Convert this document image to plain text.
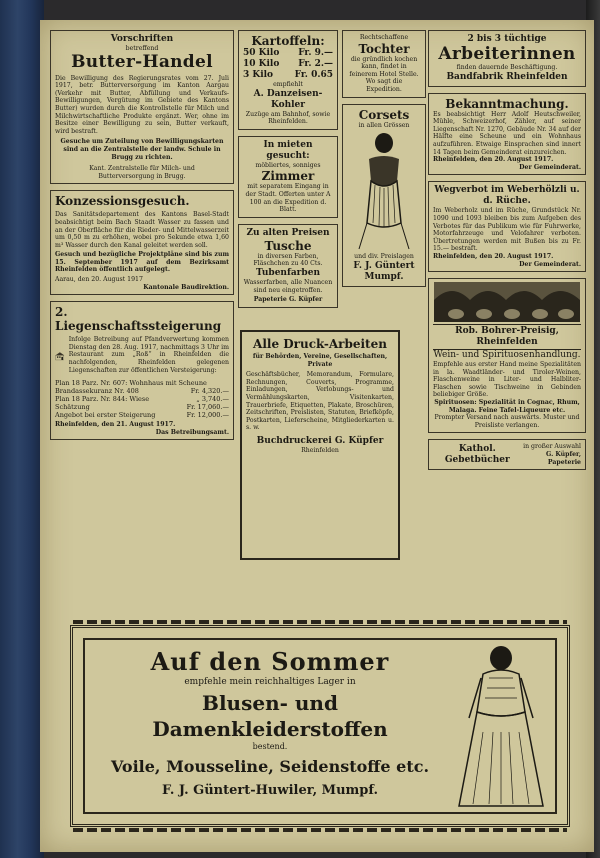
Vorschriften
betreffend
Butter-Handel
Die Bewilligung des Regierungsrates vom 27. Juli 1917, betr. Butterversorgung im Kanton Aargau (Verkehr mit Butter, Abfüllung und Verkaufs-Bewilligungen, Vergütung im Gebiete des Kantons Butter) wurden durch die Kontrollstelle für Milch und Milchwirtschaftliche Produkte ergänzt. Wer, ohne im Besitze einer Bewilligung zu sein, Butter verkauft, wird bestraft.
Gesuche um Zuteilung von Bewilligungskarten sind an die Zentralstelle der landw. Schule in Brugg zu richten.
Kant. Zentralstelle für Milch- und
Butterversorgung in Brugg.
Konzessionsgesuch.
Das Sanitätsdepartement des Kantons Basel-Stadt beabsichtigt beim Bach Staadt Wasser zu fassen und an der Oberfläche für die Rieder- und Mittelwasserzeit um 0,50 m zu erhöhen, wobei pro Sekunde etwa 1,60 m³ Wasser durch den Kanal geleitet werden soll.
Gesuch und bezügliche Projektpläne sind bis zum 15. September 1917 auf dem Bezirksamt Rheinfelden öffentlich aufgelegt.
Aarau, den 20. August 1917
Kantonale Baudirektion.
2. Liegenschaftssteigerung
Infolge Betreibung auf Pfandverwertung kommen Dienstag den 28. Aug. 1917, nachmittags 3 Uhr im Restaurant zum „Roß“ in Rheinfelden die nachfolgenden, Rheinfelden gelegenen Liegenschaften zur öffentlichen Versteigerung:
Plan 18 Parz. Nr. 607: Wohnhaus mit Scheune
Brandassekuranz Nr. 408	Fr. 4,320.—
Plan 18 Parz. Nr. 844: Wiese	„ 3,740.—
Schätzung	Fr. 17,060.—
Angebot bei erster Steigerung	Fr. 12,000.—
Rheinfelden, den 21. August 1917.
Das Betreibungsamt.
Kartoffeln:
50 Kilo Fr. 9.—
10 Kilo Fr. 2.—
3 Kilo Fr. 0.65
empfiehlt
A. Danzeisen-Kohler
Zuzüge am Bahnhof, sowie Rheinfelden.
In mieten gesucht:
möbliertes, sonniges
Zimmer
mit separatem Eingang in der Stadt. Offerten unter A 100 an die Expedition d. Blatt.
Zu alten Preisen
Tusche
in diversen Farben, Fläschchen zu 40 Cts.
Tubenfarben
Wasserfarben, alle Nuancen sind neu eingetroffen.
Papeterie G. Küpfer
Rechtschaffene
Tochter
die gründlich kochen kann, findet in feinerem Hotel Stelle. Wo sagt die Expedition.
Corsets
in allen Grössen
und div. Preislagen
F. J. Güntert
Mumpf.
Alle Druck-Arbeiten
für Behörden, Vereine, Gesellschaften, Private
Geschäftsbücher, Memorandum, Formulare, Rechnungen, Couverts, Programme, Einladungen, Verlobungs- und Vermählungskarten, Visitenkarten, Trauerbriefe, Etiquetten, Plakate, Broschüren, Zeitschriften, Preislisten, Statuten, Briefköpfe, Postkarten, Lieferscheine, Mitgliederkarten u. s. w.
Buchdruckerei G. Küpfer
Rheinfelden
2 bis 3 tüchtige
Arbeiterinnen
finden dauernde Beschäftigung.
Bandfabrik Rheinfelden
Bekanntmachung.
Es beabsichtigt Herr Adolf Heutschweiler, Mühle, Schweizerhof, Zähler, auf seiner Liegenschaft Nr. 1270, Gebäude Nr. 34 auf der Hälfte eine Scheune und ein Wohnhaus aufzuführen. Etwaige Einsprachen sind innert 14 Tagen beim Gemeinderat einzureichen.
Rheinfelden, den 20. August 1917.
Der Gemeinderat.
Wegverbot im Weberhölzli u. d. Rüche.
Im Weberholz und im Rüche, Grundstück Nr. 1090 und 1093 bleiben bis zum Aufgeben des Verbotes für das Publikum wie für Fuhrwerke, Motorfahrzeuge und Velofahrer verboten. Übertretungen werden mit Bußen bis zu Fr. 15.— bestraft.
Rheinfelden, den 20. August 1917.
Der Gemeinderat.
Rob. Bohrer-Preisig, Rheinfelden
Wein- und Spirituosenhandlung.
Empfehle aus erster Hand meine Spezialitäten in la. Waadtländer- und Tiroler-Weinen, Flaschenweine in Liter- und Halbliter-Flaschen sowie Tischweine in Gebinden beliebiger Größe.
Spirituosen: Spezialität in Cognac, Rhum, Malaga. Feine Tafel-Liqueure etc.
Prompter Versand nach auswärts. Muster und Preisliste verlangen.
Kathol. Gebetbücher
in großer Auswahl
G. Küpfer, Papeterie
Auf den Sommer
empfehle mein reichhaltiges Lager in
Blusen- und Damenkleiderstoffen
bestend.
Voile, Mousseline, Seidenstoffe etc.
F. J. Güntert-Huwiler, Mumpf.
